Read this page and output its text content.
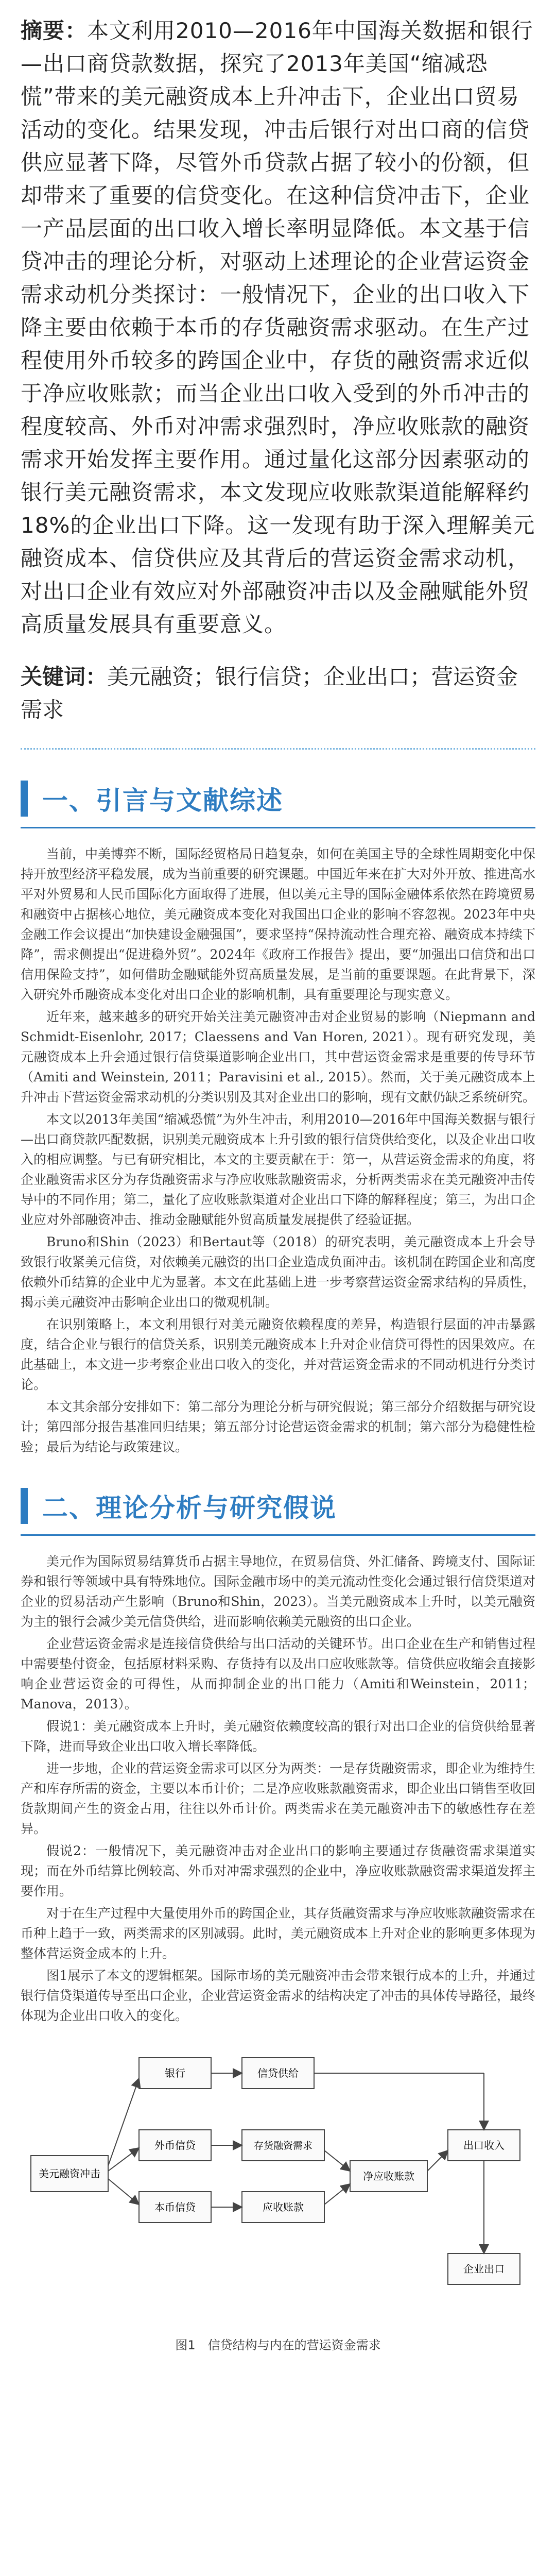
摘要：本文利用2010—2016年中国海关数据和银行—出口商贷款数据，探究了2013年美国“缩减恐慌”带来的美元融资成本上升冲击下，企业出口贸易活动的变化。结果发现，冲击后银行对出口商的信贷供应显著下降，尽管外币贷款占据了较小的份额，但却带来了重要的信贷变化。在这种信贷冲击下，企业一产品层面的出口收入增长率明显降低。本文基于信贷冲击的理论分析，对驱动上述理论的企业营运资金需求动机分类探讨：一般情况下，企业的出口收入下降主要由依赖于本币的存货融资需求驱动。在生产过程使用外币较多的跨国企业中，存货的融资需求近似于净应收账款；而当企业出口收入受到的外币冲击的程度较高、外币对冲需求强烈时，净应收账款的融资需求开始发挥主要作用。通过量化这部分因素驱动的银行美元融资需求，本文发现应收账款渠道能解释约18%的企业出口下降。这一发现有助于深入理解美元融资成本、信贷供应及其背后的营运资金需求动机，对出口企业有效应对外部融资冲击以及金融赋能外贸高质量发展具有重要意义。
关键词：美元融资；银行信贷；企业出口；营运资金需求
一、引言与文献综述

当前，中美博弈不断，国际经贸格局日趋复杂，如何在美国主导的全球性周期变化中保持开放型经济平稳发展，成为当前重要的研究课题。中国近年来在扩大对外开放、推进高水平对外贸易和人民币国际化方面取得了进展，但以美元主导的国际金融体系依然在跨境贸易和融资中占据核心地位，美元融资成本变化对我国出口企业的影响不容忽视。2023年中央金融工作会议提出“加快建设金融强国”，要求坚持“保持流动性合理充裕、融资成本持续下降”，需求侧提出“促进稳外贸”。2024年《政府工作报告》提出，要“加强出口信贷和出口信用保险支持”，如何借助金融赋能外贸高质量发展，是当前的重要课题。在此背景下，深入研究外币融资成本变化对出口企业的影响机制，具有重要理论与现实意义。

近年来，越来越多的研究开始关注美元融资冲击对企业贸易的影响（Niepmann and Schmidt-Eisenlohr, 2017；Claessens and Van Horen, 2021）。现有研究发现，美元融资成本上升会通过银行信贷渠道影响企业出口，其中营运资金需求是重要的传导环节（Amiti and Weinstein, 2011；Paravisini et al., 2015）。然而，关于美元融资成本上升冲击下营运资金需求动机的分类识别及其对企业出口的影响，现有文献仍缺乏系统研究。

本文以2013年美国“缩减恐慌”为外生冲击，利用2010—2016年中国海关数据与银行—出口商贷款匹配数据，识别美元融资成本上升引致的银行信贷供给变化，以及企业出口收入的相应调整。与已有研究相比，本文的主要贡献在于：第一，从营运资金需求的角度，将企业融资需求区分为存货融资需求与净应收账款融资需求，分析两类需求在美元融资冲击传导中的不同作用；第二，量化了应收账款渠道对企业出口下降的解释程度；第三，为出口企业应对外部融资冲击、推动金融赋能外贸高质量发展提供了经验证据。

Bruno和Shin（2023）和Bertaut等（2018）的研究表明，美元融资成本上升会导致银行收紧美元信贷，对依赖美元融资的出口企业造成负面冲击。该机制在跨国企业和高度依赖外币结算的企业中尤为显著。本文在此基础上进一步考察营运资金需求结构的异质性，揭示美元融资冲击影响企业出口的微观机制。

在识别策略上，本文利用银行对美元融资依赖程度的差异，构造银行层面的冲击暴露度，结合企业与银行的信贷关系，识别美元融资成本上升对企业信贷可得性的因果效应。在此基础上，本文进一步考察企业出口收入的变化，并对营运资金需求的不同动机进行分类讨论。

本文其余部分安排如下：第二部分为理论分析与研究假说；第三部分介绍数据与研究设计；第四部分报告基准回归结果；第五部分讨论营运资金需求的机制；第六部分为稳健性检验；最后为结论与政策建议。

二、理论分析与研究假说

美元作为国际贸易结算货币占据主导地位，在贸易信贷、外汇储备、跨境支付、国际证券和银行等领域中具有特殊地位。国际金融市场中的美元流动性变化会通过银行信贷渠道对企业的贸易活动产生影响（Bruno和Shin，2023）。当美元融资成本上升时，以美元融资为主的银行会减少美元信贷供给，进而影响依赖美元融资的出口企业。

企业营运资金需求是连接信贷供给与出口活动的关键环节。出口企业在生产和销售过程中需要垫付资金，包括原材料采购、存货持有以及出口应收账款等。信贷供应收缩会直接影响企业营运资金的可得性，从而抑制企业的出口能力（Amiti和Weinstein，2011；Manova，2013）。

假说1：美元融资成本上升时，美元融资依赖度较高的银行对出口企业的信贷供给显著下降，进而导致企业出口收入增长率降低。

进一步地，企业的营运资金需求可以区分为两类：一是存货融资需求，即企业为维持生产和库存所需的资金，主要以本币计价；二是净应收账款融资需求，即企业出口销售至收回货款期间产生的资金占用，往往以外币计价。两类需求在美元融资冲击下的敏感性存在差异。

假说2：一般情况下，美元融资冲击对企业出口的影响主要通过存货融资需求渠道实现；而在外币结算比例较高、外币对冲需求强烈的企业中，净应收账款融资需求渠道发挥主要作用。

对于在生产过程中大量使用外币的跨国企业，其存货融资需求与净应收账款融资需求在币种上趋于一致，两类需求的区别减弱。此时，美元融资成本上升对企业的影响更多体现为整体营运资金成本的上升。

图1展示了本文的逻辑框架。国际市场的美元融资冲击会带来银行成本的上升，并通过银行信贷渠道传导至出口企业，企业营运资金需求的结构决定了冲击的具体传导路径，最终体现为企业出口收入的变化。

美元融资冲击
银行	信贷供给
外币信贷
本币信贷
存货融资需求
应收账款
净应收账款
出口收入
企业出口
图1　信贷结构与内在的营运资金需求
